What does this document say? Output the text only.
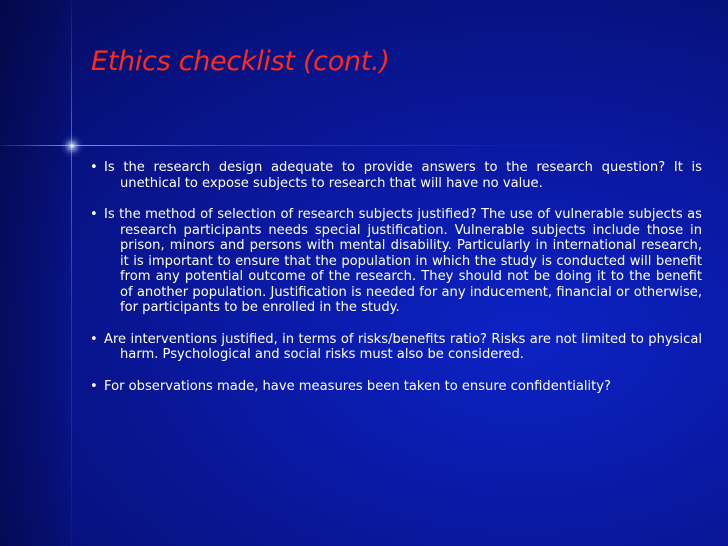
Ethics checklist (cont.)

• Is the research design adequate to provide answers to the research question? It is unethical to expose subjects to research that will have no value.

• Is the method of selection of research subjects justified? The use of vulnerable subjects as research participants needs special justification. Vulnerable subjects include those in prison, minors and persons with mental disability. Particularly in international research, it is important to ensure that the population in which the study is conducted will benefit from any potential outcome of the research. They should not be doing it to the benefit of another population. Justification is needed for any inducement, financial or otherwise, for participants to be enrolled in the study.

• Are interventions justified, in terms of risks/benefits ratio? Risks are not limited to physical harm. Psychological and social risks must also be considered.

• For observations made, have measures been taken to ensure confidentiality?
